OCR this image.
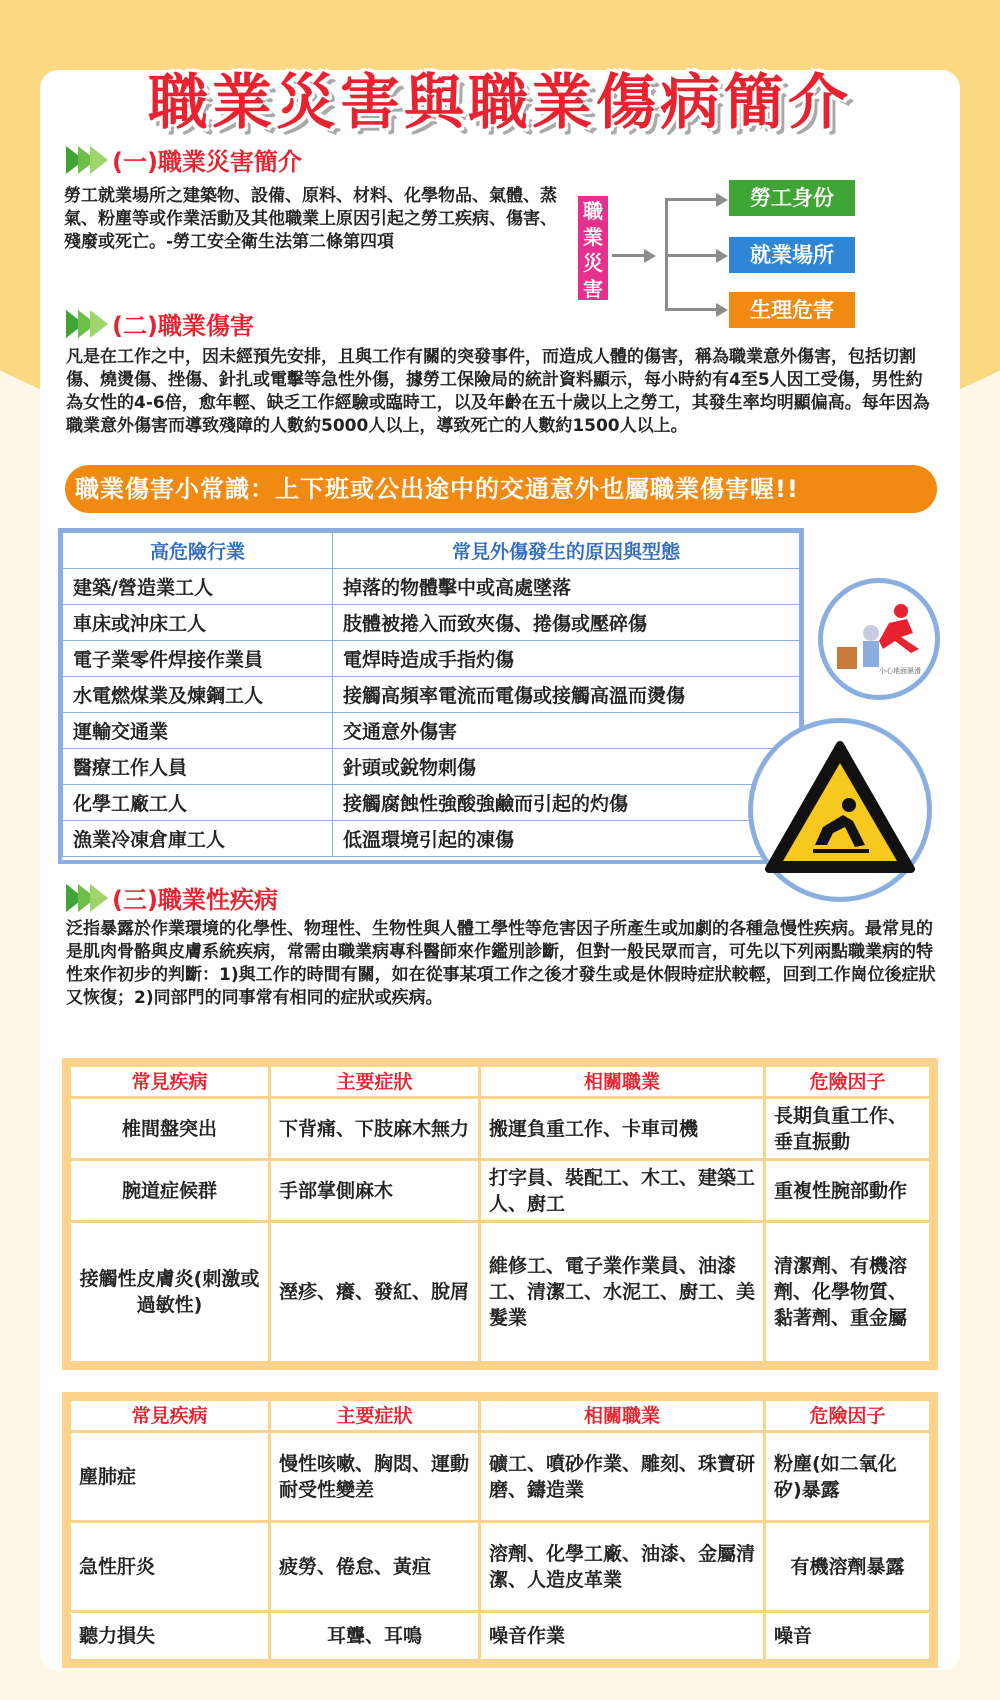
職業災害與職業傷病簡介
(一)職業災害簡介
勞工就業場所之建築物、設備、原料、材料、化學物品、氣體、蒸氣、粉塵等或作業活動及其他職業上原因引起之勞工疾病、傷害、殘廢或死亡。-勞工安全衛生法第二條第四項
職業災害
勞工身份
就業場所
生理危害
(二)職業傷害
凡是在工作之中，因未經預先安排，且與工作有關的突發事件，而造成人體的傷害，稱為職業意外傷害，包括切割傷、燒燙傷、挫傷、針扎或電擊等急性外傷，據勞工保險局的統計資料顯示，每小時約有4至5人因工受傷，男性約為女性的4-6倍，愈年輕、缺乏工作經驗或臨時工，以及年齡在五十歲以上之勞工，其發生率均明顯偏高。每年因為職業意外傷害而導致殘障的人數約5000人以上，導致死亡的人數約1500人以上。
職業傷害小常識：上下班或公出途中的交通意外也屬職業傷害喔!!
高危險行業	常見外傷發生的原因與型態
建築/營造業工人	掉落的物體擊中或高處墜落
車床或沖床工人	肢體被捲入而致夾傷、捲傷或壓碎傷
電子業零件焊接作業員	電焊時造成手指灼傷
水電燃煤業及煉鋼工人	接觸高頻率電流而電傷或接觸高溫而燙傷
運輸交通業	交通意外傷害
醫療工作人員	針頭或銳物刺傷
化學工廠工人	接觸腐蝕性強酸強鹼而引起的灼傷
漁業冷凍倉庫工人	低溫環境引起的凍傷
小心地面濕滑
(三)職業性疾病
泛指暴露於作業環境的化學性、物理性、生物性與人體工學性等危害因子所產生或加劇的各種急慢性疾病。最常見的是肌肉骨骼與皮膚系統疾病，常需由職業病專科醫師來作鑑別診斷，但對一般民眾而言，可先以下列兩點職業病的特性來作初步的判斷：1)與工作的時間有關，如在從事某項工作之後才發生或是休假時症狀較輕，回到工作崗位後症狀又恢復；2)同部門的同事常有相同的症狀或疾病。
常見疾病	主要症狀	相關職業	危險因子
椎間盤突出	下背痛、下肢麻木無力	搬運負重工作、卡車司機	長期負重工作、垂直振動
腕道症候群	手部掌側麻木	打字員、裝配工、木工、建築工人、廚工	重複性腕部動作
接觸性皮膚炎(刺激或過敏性)	溼疹、癢、發紅、脫屑	維修工、電子業作業員、油漆工、清潔工、水泥工、廚工、美髮業	清潔劑、有機溶劑、化學物質、黏著劑、重金屬
常見疾病	主要症狀	相關職業	危險因子
塵肺症	慢性咳嗽、胸悶、運動耐受性變差	礦工、噴砂作業、雕刻、珠寶研磨、鑄造業	粉塵(如二氧化矽)暴露
急性肝炎	疲勞、倦怠、黃疸	溶劑、化學工廠、油漆、金屬清潔、人造皮革業	有機溶劑暴露
聽力損失	耳聾、耳鳴	噪音作業	噪音
